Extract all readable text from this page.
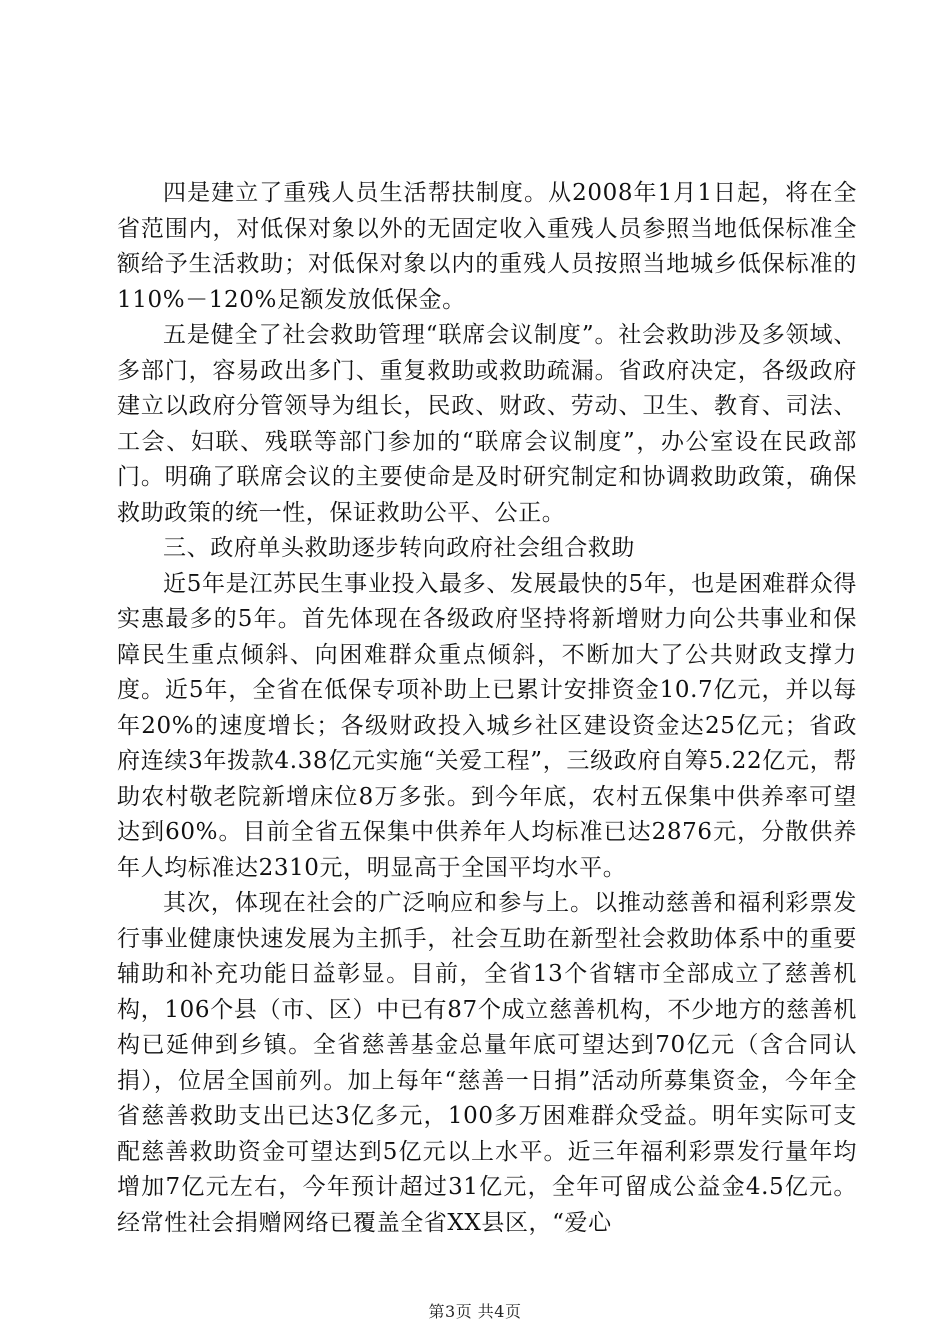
四是建立了重残人员生活帮扶制度。从2008年1月1日起，将在全省范围内，对低保对象以外的无固定收入重残人员参照当地低保标准全额给予生活救助；对低保对象以内的重残人员按照当地城乡低保标准的110%－120%足额发放低保金。

五是健全了社会救助管理“联席会议制度”。社会救助涉及多领域、多部门，容易政出多门、重复救助或救助疏漏。省政府决定，各级政府建立以政府分管领导为组长，民政、财政、劳动、卫生、教育、司法、工会、妇联、残联等部门参加的“联席会议制度”，办公室设在民政部门。明确了联席会议的主要使命是及时研究制定和协调救助政策，确保救助政策的统一性，保证救助公平、公正。

三、政府单头救助逐步转向政府社会组合救助

近5年是江苏民生事业投入最多、发展最快的5年，也是困难群众得实惠最多的5年。首先体现在各级政府坚持将新增财力向公共事业和保障民生重点倾斜、向困难群众重点倾斜，不断加大了公共财政支撑力度。近5年，全省在低保专项补助上已累计安排资金10.7亿元，并以每年20%的速度增长；各级财政投入城乡社区建设资金达25亿元；省政府连续3年拨款4.38亿元实施“关爱工程”，三级政府自筹5.22亿元，帮助农村敬老院新增床位8万多张。到今年底，农村五保集中供养率可望达到60%。目前全省五保集中供养年人均标准已达2876元，分散供养年人均标准达2310元，明显高于全国平均水平。

其次，体现在社会的广泛响应和参与上。以推动慈善和福利彩票发行事业健康快速发展为主抓手，社会互助在新型社会救助体系中的重要辅助和补充功能日益彰显。目前，全省13个省辖市全部成立了慈善机构，106个县（市、区）中已有87个成立慈善机构，不少地方的慈善机构已延伸到乡镇。全省慈善基金总量年底可望达到70亿元（含合同认捐），位居全国前列。加上每年“慈善一日捐”活动所募集资金，今年全省慈善救助支出已达3亿多元，100多万困难群众受益。明年实际可支配慈善救助资金可望达到5亿元以上水平。近三年福利彩票发行量年均增加7亿元左右，今年预计超过31亿元，全年可留成公益金4.5亿元。经常性社会捐赠网络已覆盖全省XX县区，“爱心

第3页 共4页
